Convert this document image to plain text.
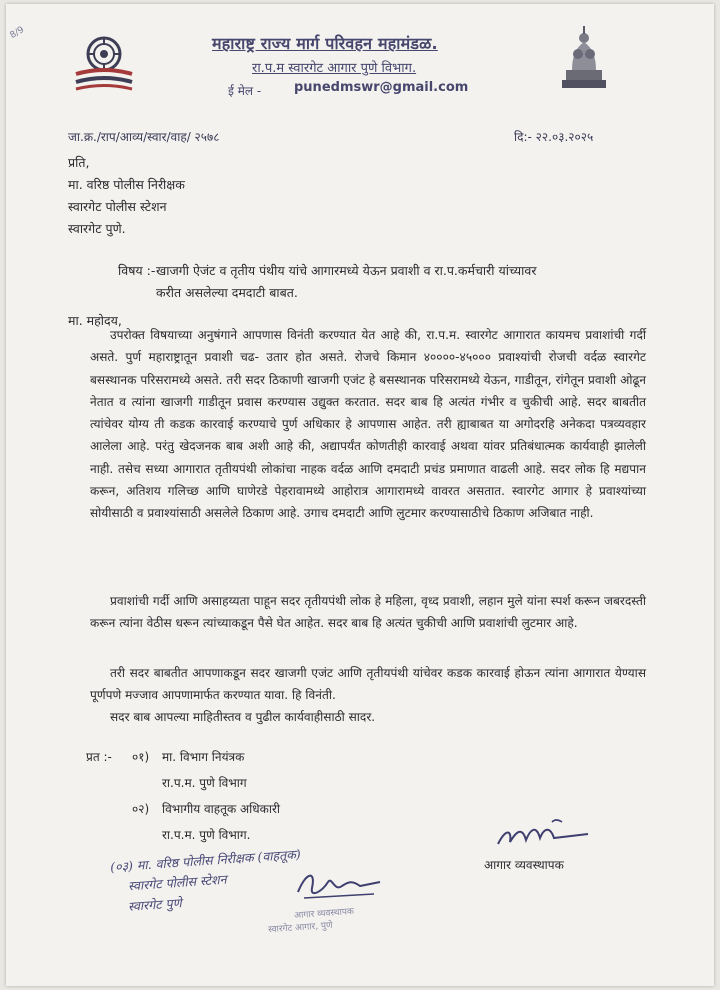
8/9
महाराष्ट्र राज्य मार्ग परिवहन महामंडळ.
रा.प.म स्वारगेट आगार पुणे विभाग.
ई मेल -	punedmswr@gmail.com
जा.क्र./राप/आव्य/स्वार/वाह/ २५७८	दि:- २२.०३.२०२५
प्रति,
मा. वरिष्ठ पोलीस निरीक्षक
स्वारगेट पोलीस स्टेशन
स्वारगेट पुणे.
विषय :- खाजगी ऐजंट व तृतीय पंथीय यांचे आगारमध्ये येऊन प्रवाशी व रा.प.कर्मचारी यांच्यावर
करीत असलेल्या दमदाटी बाबत.
मा. महोदय,

उपरोक्त विषयाच्या अनुषंगाने आपणास विनंती करण्यात येत आहे की, रा.प.म. स्वारगेट आगारात कायमच प्रवाशांची गर्दी असते. पुर्ण महाराष्ट्रातून प्रवाशी चढ- उतार होत असते. रोजचे किमान ४००००-४५००० प्रवाश्यांची रोजची वर्दळ स्वारगेट बसस्थानक परिसरामध्ये असते. तरी सदर ठिकाणी खाजगी एजंट हे बसस्थानक परिसरामध्ये येऊन, गाडीतून, रांगेतून प्रवाशी ओढून नेतात व त्यांना खाजगी गाडीतून प्रवास करण्यास उद्युक्त करतात. सदर बाब हि अत्यंत गंभीर व चुकीची आहे. सदर बाबतीत त्यांचेवर योग्य ती कडक कारवाई करण्याचे पुर्ण अधिकार हे आपणास आहेत. तरी ह्याबाबत या अगोदरहि अनेकदा पत्रव्यवहार आलेला आहे. परंतु खेदजनक बाब अशी आहे की, अद्यापर्यंत कोणतीही कारवाई अथवा यांवर प्रतिबंधात्मक कार्यवाही झालेली नाही. तसेच सध्या आगारात तृतीयपंथी लोकांचा नाहक वर्दळ आणि दमदाटी प्रचंड प्रमाणात वाढली आहे. सदर लोक हि मद्यपान करून, अतिशय गलिच्छ आणि घाणेरडे पेहरावामध्ये आहोरात्र आगारामध्ये वावरत असतात. स्वारगेट आगार हे प्रवाश्यांच्या सोयीसाठी व प्रवाश्यांसाठी असलेले ठिकाण आहे. उगाच दमदाटी आणि लुटमार करण्यासाठीचे ठिकाण अजिबात नाही.

प्रवाशांची गर्दी आणि असाहय्यता पाहून सदर तृतीयपंथी लोक हे महिला, वृध्द प्रवाशी, लहान मुले यांना स्पर्श करून जबरदस्ती करून त्यांना वेठीस धरून त्यांच्याकडून पैसे घेत आहेत. सदर बाब हि अत्यंत चुकीची आणि प्रवाशांची लुटमार आहे.

तरी सदर बाबतीत आपणाकडून सदर खाजगी एजंट आणि तृतीयपंथी यांचेवर कडक कारवाई होऊन त्यांना आगारात येण्यास पूर्णपणे मज्जाव आपणामार्फत करण्यात यावा. हि विनंती.

सदर बाब आपल्या माहितीस्तव व पुढील कार्यवाहीसाठी सादर.

प्रत :- ०१) मा. विभाग नियंत्रक
रा.प.म. पुणे विभाग
०२) विभागीय वाहतूक अधिकारी
रा.प.म. पुणे विभाग.
(०३) मा. वरिष्ठ पोलीस निरीक्षक (वाहतूक)
स्वारगेट पोलीस स्टेशन
स्वारगेट पुणे
आगार व्यवस्थापक
स्वारगेट आगार, पुणे
आगार व्यवस्थापक
